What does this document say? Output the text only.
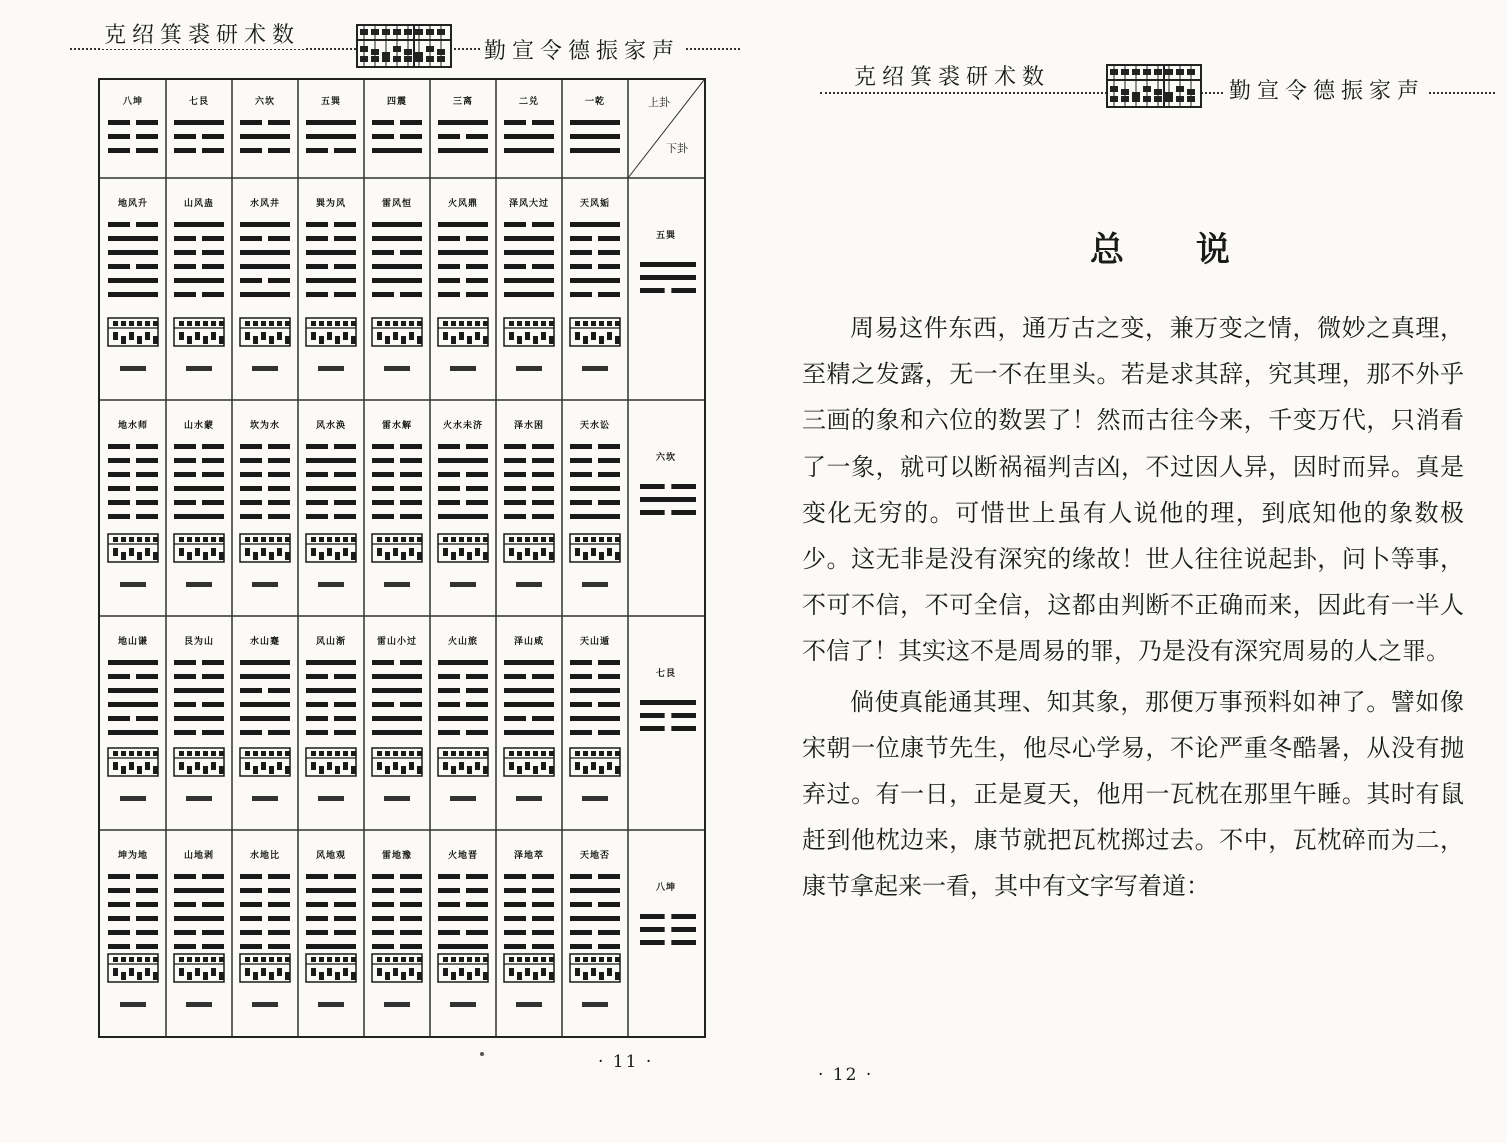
克绍箕裘研术数
勤宣令德振家声
上卦
下卦
八坤	七艮	六坎	五巽	四震	三离	二兑	一乾
地风升	山风蛊	水风井	巽为风	雷风恒	火风鼎	泽风大过	天风姤
五巽
地水师	山水蒙	坎为水	风水涣	雷水解	火水未济	泽水困	天水讼
六坎
地山谦	艮为山	水山蹇	风山渐	雷山小过	火山旅	泽山咸	天山遁
七艮
坤为地	山地剥	水地比	风地观	雷地豫	火地晋	泽地萃	天地否
八坤
· 11 ·
克绍箕裘研术数
勤宣令德振家声
总 说

周易这件东西，通万古之变，兼万变之情，微妙之真理，至精之发露，无一不在里头。若是求其辞，究其理，那不外乎三画的象和六位的数罢了！然而古往今来，千变万代，只消看了一象，就可以断祸福判吉凶，不过因人异，因时而异。真是变化无穷的。可惜世上虽有人说他的理，到底知他的象数极少。这无非是没有深究的缘故！世人往往说起卦，问卜等事，不可不信，不可全信，这都由判断不正确而来，因此有一半人不信了！其实这不是周易的罪，乃是没有深究周易的人之罪。

倘使真能通其理、知其象，那便万事预料如神了。譬如像宋朝一位康节先生，他尽心学易，不论严重冬酷暑，从没有抛弃过。有一日，正是夏天，他用一瓦枕在那里午睡。其时有鼠赶到他枕边来，康节就把瓦枕掷过去。不中，瓦枕碎而为二，康节拿起来一看，其中有文字写着道：

· 12 ·
